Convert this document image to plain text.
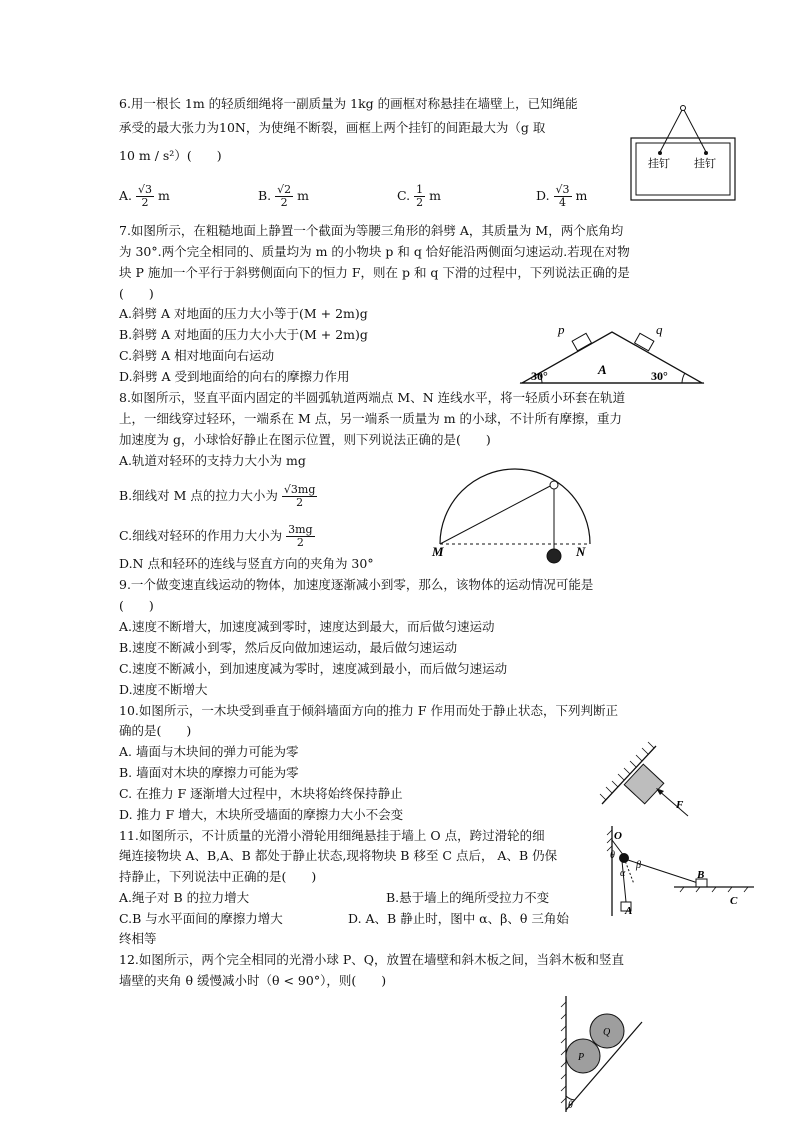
6.用一根长 1m 的轻质细绳将一副质量为 1kg 的画框对称悬挂在墙壁上，已知绳能
承受的最大张力为10N，为使绳不断裂，画框上两个挂钉的间距最大为（g 取
10 m / s²）(　　)
A. $\frac{√3}{2}$ m	B. $\frac{√2}{2}$ m	C. $\frac{1}{2}$ m	D. $\frac{√3}{4}$ m
挂钉 挂钉
7.如图所示，在粗糙地面上静置一个截面为等腰三角形的斜劈 A，其质量为 M，两个底角均
为 30°.两个完全相同的、质量均为 m 的小物块 p 和 q 恰好能沿两侧面匀速运动.若现在对物
块 P 施加一个平行于斜劈侧面向下的恒力 F，则在 p 和 q 下滑的过程中，下列说法正确的是
(　　)
A.斜劈 A 对地面的压力大小等于(M + 2m)g
B.斜劈 A 对地面的压力大小大于(M + 2m)g
C.斜劈 A 相对地面向右运动
D.斜劈 A 受到地面给的向右的摩擦力作用
p	q
A
30°	30°
8.如图所示，竖直平面内固定的半圆弧轨道两端点 M、N 连线水平，将一轻质小环套在轨道
上，一细线穿过轻环，一端系在 M 点，另一端系一质量为 m 的小球，不计所有摩擦，重力
加速度为 g，小球恰好静止在图示位置，则下列说法正确的是(　　)
A.轨道对轻环的支持力大小为 mg
B.细线对 M 点的拉力大小为 $\frac{√3mg}{2}$
C.细线对轻环的作用力大小为 $\frac{3mg}{2}$
D.N 点和轻环的连线与竖直方向的夹角为 30°
M	N
9.一个做变速直线运动的物体，加速度逐渐减小到零，那么，该物体的运动情况可能是
(　　)
A.速度不断增大，加速度减到零时，速度达到最大，而后做匀速运动
B.速度不断减小到零，然后反向做加速运动，最后做匀速运动
C.速度不断减小，到加速度减为零时，速度减到最小，而后做匀速运动
D.速度不断增大
10.如图所示，一木块受到垂直于倾斜墙面方向的推力 F 作用而处于静止状态，下列判断正
确的是(　　)
A. 墙面与木块间的弹力可能为零
B. 墙面对木块的摩擦力可能为零
C. 在推力 F 逐渐增大过程中，木块将始终保持静止
D. 推力 F 增大，木块所受墙面的摩擦力大小不会变
F
11.如图所示，不计质量的光滑小滑轮用细绳悬挂于墙上 O 点，跨过滑轮的细
绳连接物块 A、B,A、B 都处于静止状态,现将物块 B 移至 C 点后， A、B 仍保
持静止，下列说法中正确的是(　　)
A.绳子对 B 的拉力增大	B.悬于墙上的绳所受拉力不变
C.B 与水平面间的摩擦力增大	D. A、B 静止时，图中 α、β、θ 三角始
终相等
O
θ
α
β
A
B
C
12.如图所示，两个完全相同的光滑小球 P、Q，放置在墙壁和斜木板之间，当斜木板和竖直
墙壁的夹角 θ 缓慢减小时（θ < 90°），则(　　)
P
Q
θ
